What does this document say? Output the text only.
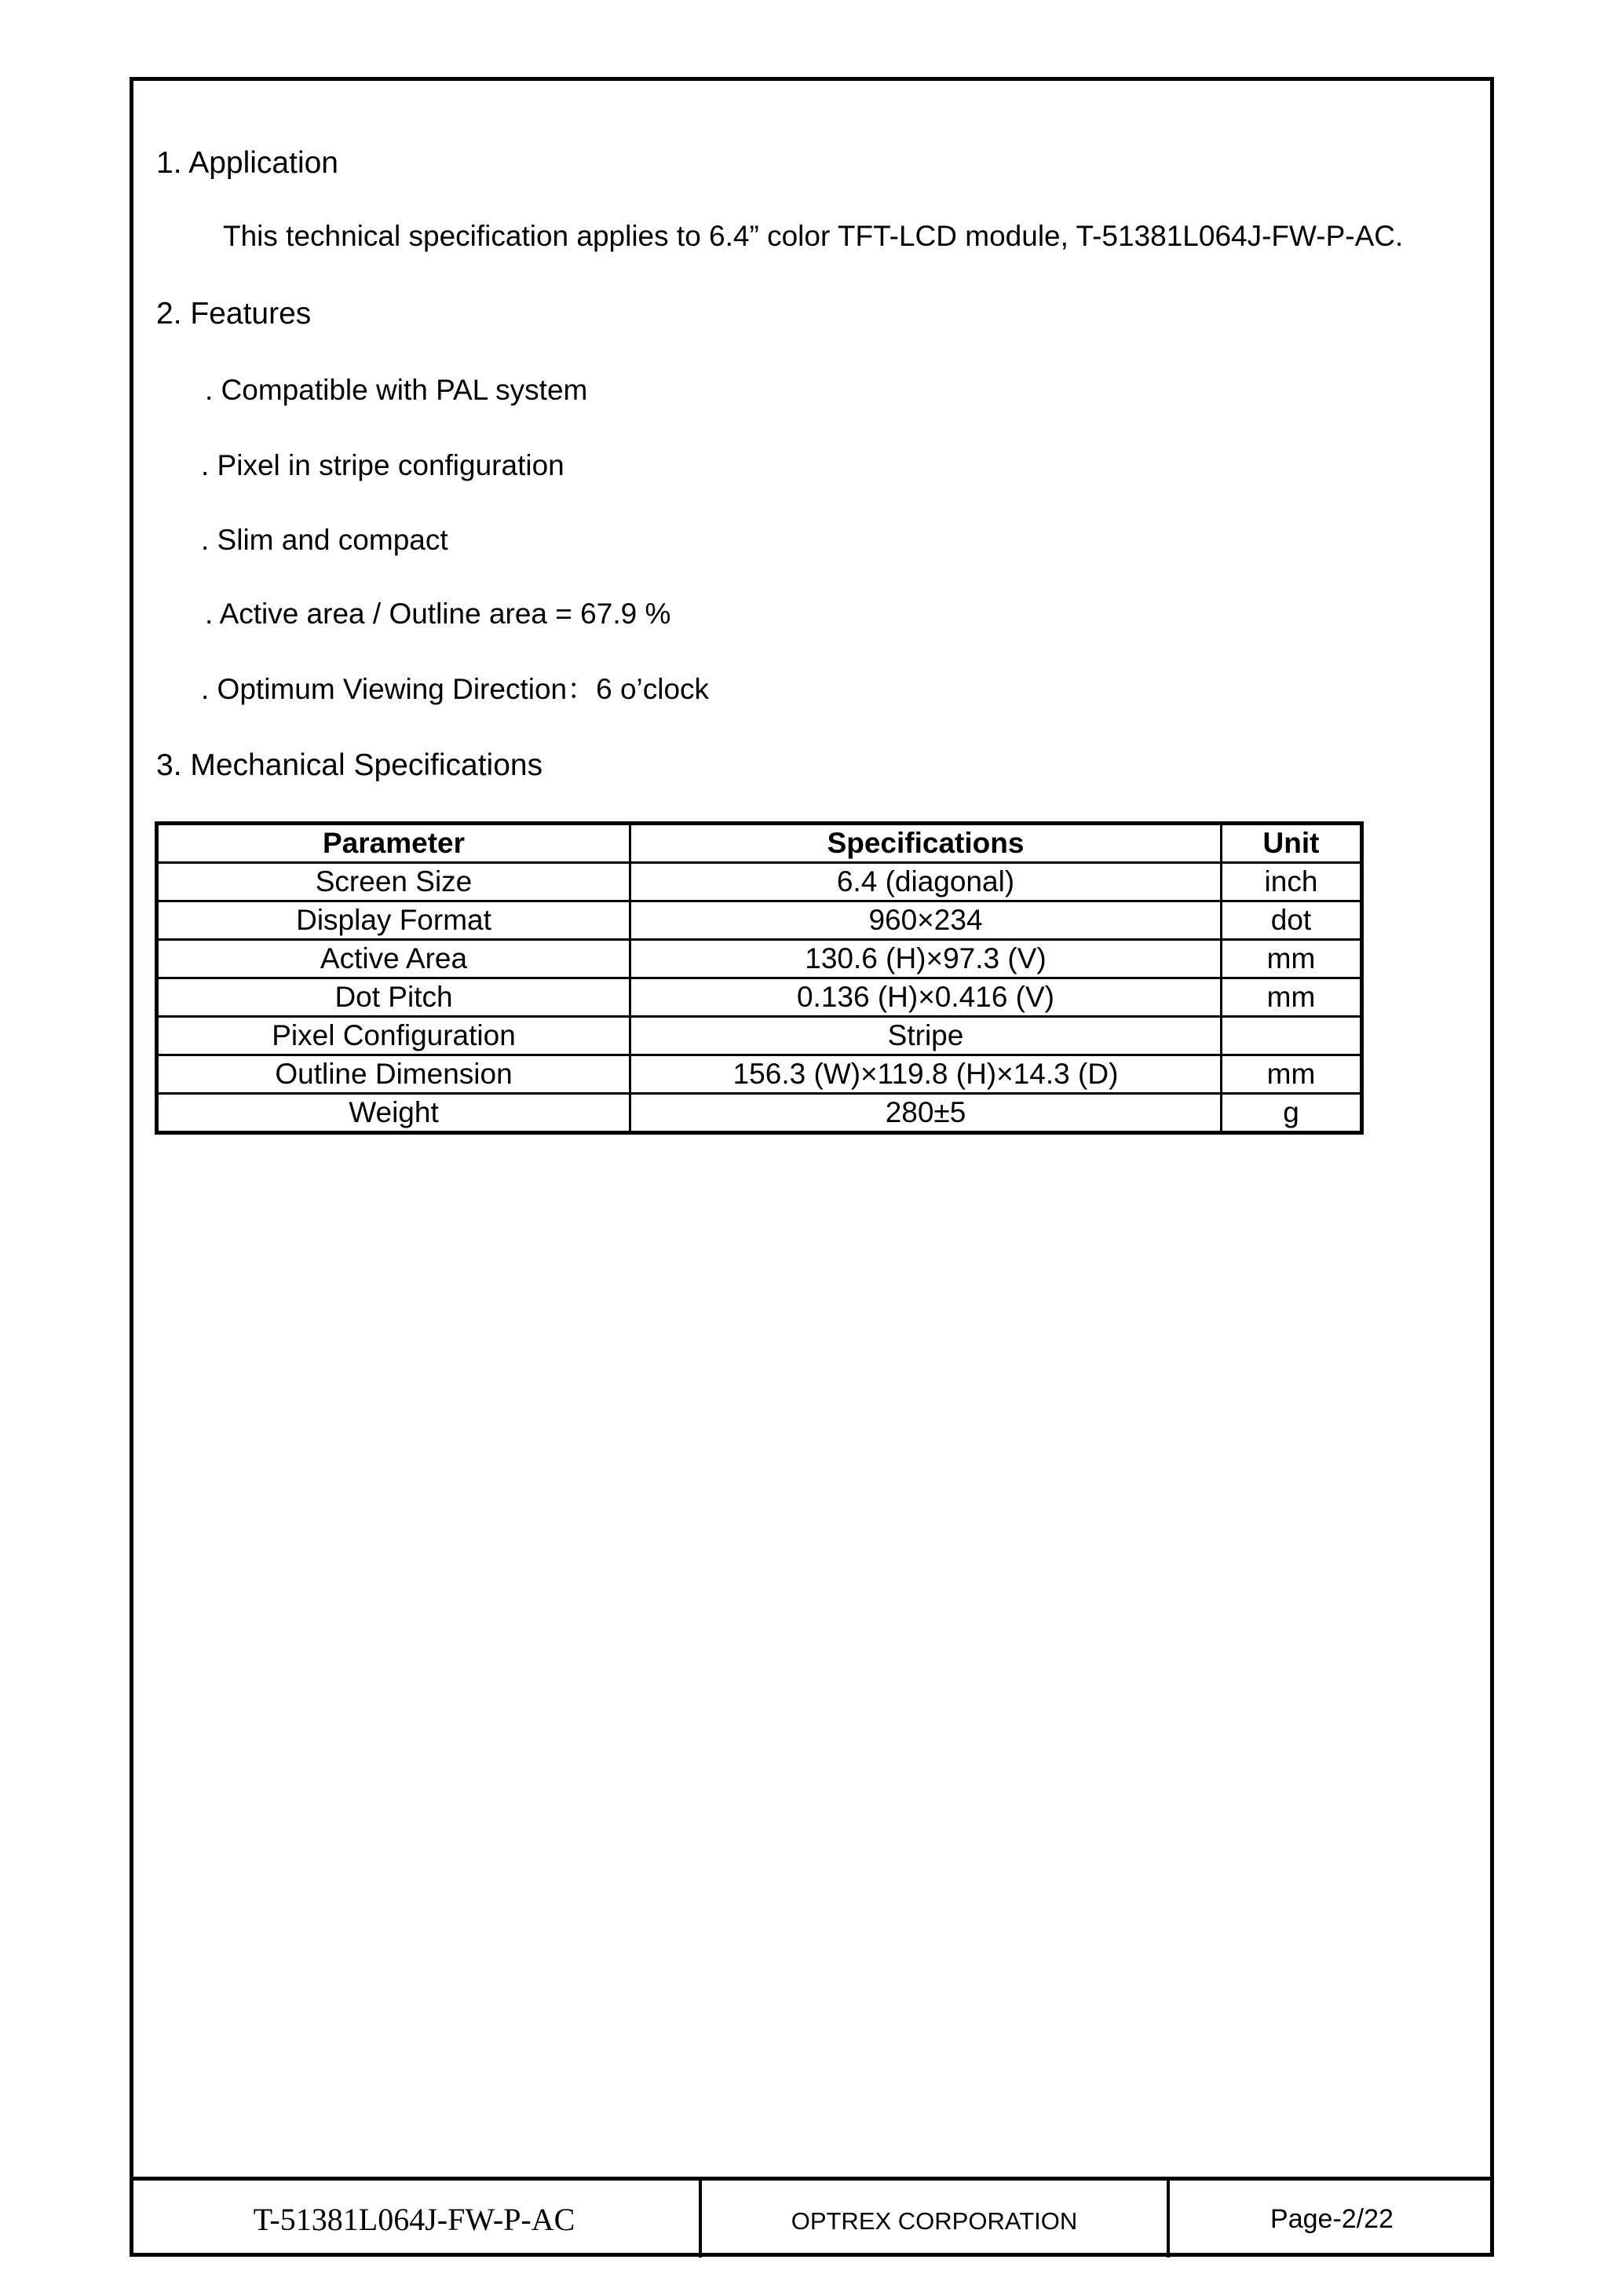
1. Application
This technical specification applies to 6.4” color TFT-LCD module, T-51381L064J-FW-P-AC.
2. Features
. Compatible with PAL system
. Pixel in stripe configuration
. Slim and compact
. Active area / Outline area = 67.9 %
. Optimum Viewing Direction：6 o’clock
3. Mechanical Specifications
Parameter	Specifications	Unit
Screen Size	6.4 (diagonal)	inch
Display Format	960×234	dot
Active Area	130.6 (H)×97.3 (V)	mm
Dot Pitch	0.136 (H)×0.416 (V)	mm
Pixel Configuration	Stripe	
Outline Dimension	156.3 (W)×119.8 (H)×14.3 (D)	mm
Weight	280±5	g
T-51381L064J-FW-P-AC	OPTREX CORPORATION	Page-2/22
